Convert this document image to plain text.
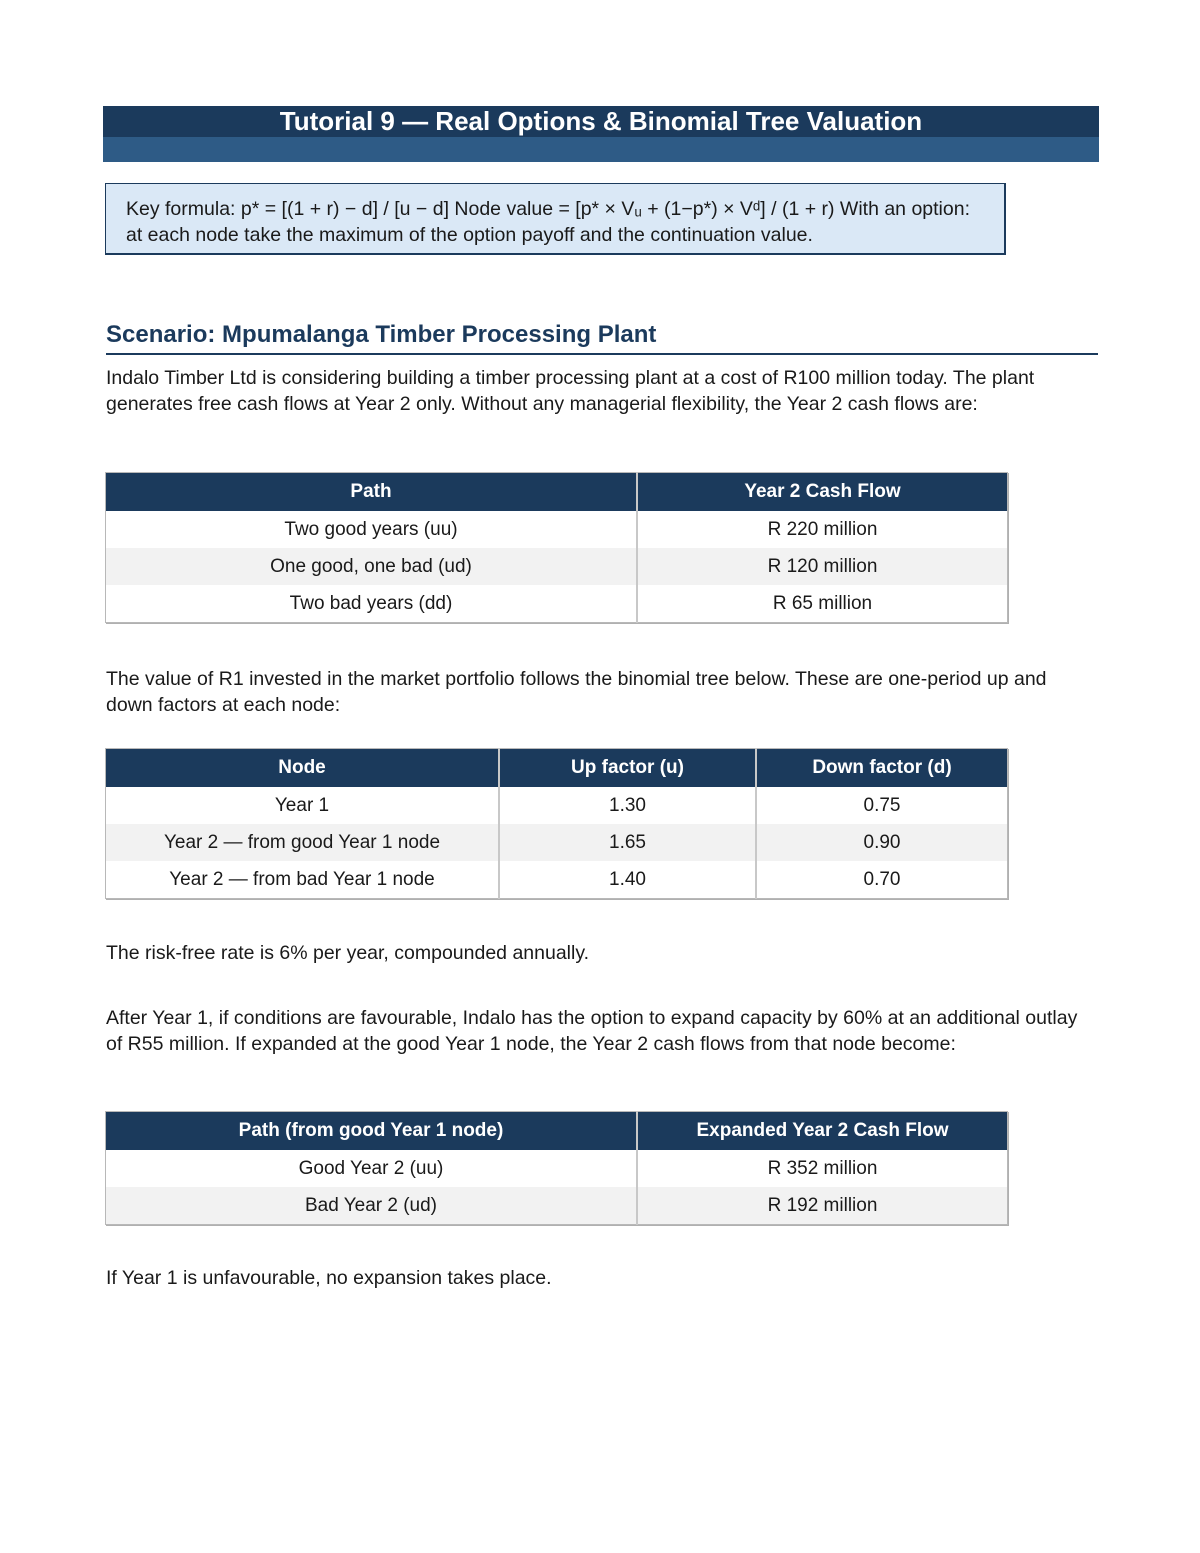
Tutorial 9 — Real Options & Binomial Tree Valuation
Key formula: p* = [(1 + r) − d] / [u − d] Node value = [p* × Vᵤ + (1−p*) × Vᵈ] / (1 + r) With an option: at each node take the maximum of the option payoff and the continuation value.
Scenario: Mpumalanga Timber Processing Plant

Indalo Timber Ltd is considering building a timber processing plant at a cost of R100 million today. The plant generates free cash flows at Year 2 only. Without any managerial flexibility, the Year 2 cash flows are:

Path	Year 2 Cash Flow
Two good years (uu)	R 220 million
One good, one bad (ud)	R 120 million
Two bad years (dd)	R 65 million

The value of R1 invested in the market portfolio follows the binomial tree below. These are one-period up and down factors at each node:

Node	Up factor (u)	Down factor (d)
Year 1	1.30	0.75
Year 2 — from good Year 1 node	1.65	0.90
Year 2 — from bad Year 1 node	1.40	0.70

The risk-free rate is 6% per year, compounded annually.

After Year 1, if conditions are favourable, Indalo has the option to expand capacity by 60% at an additional outlay of R55 million. If expanded at the good Year 1 node, the Year 2 cash flows from that node become:

Path (from good Year 1 node)	Expanded Year 2 Cash Flow
Good Year 2 (uu)	R 352 million
Bad Year 2 (ud)	R 192 million

If Year 1 is unfavourable, no expansion takes place.
